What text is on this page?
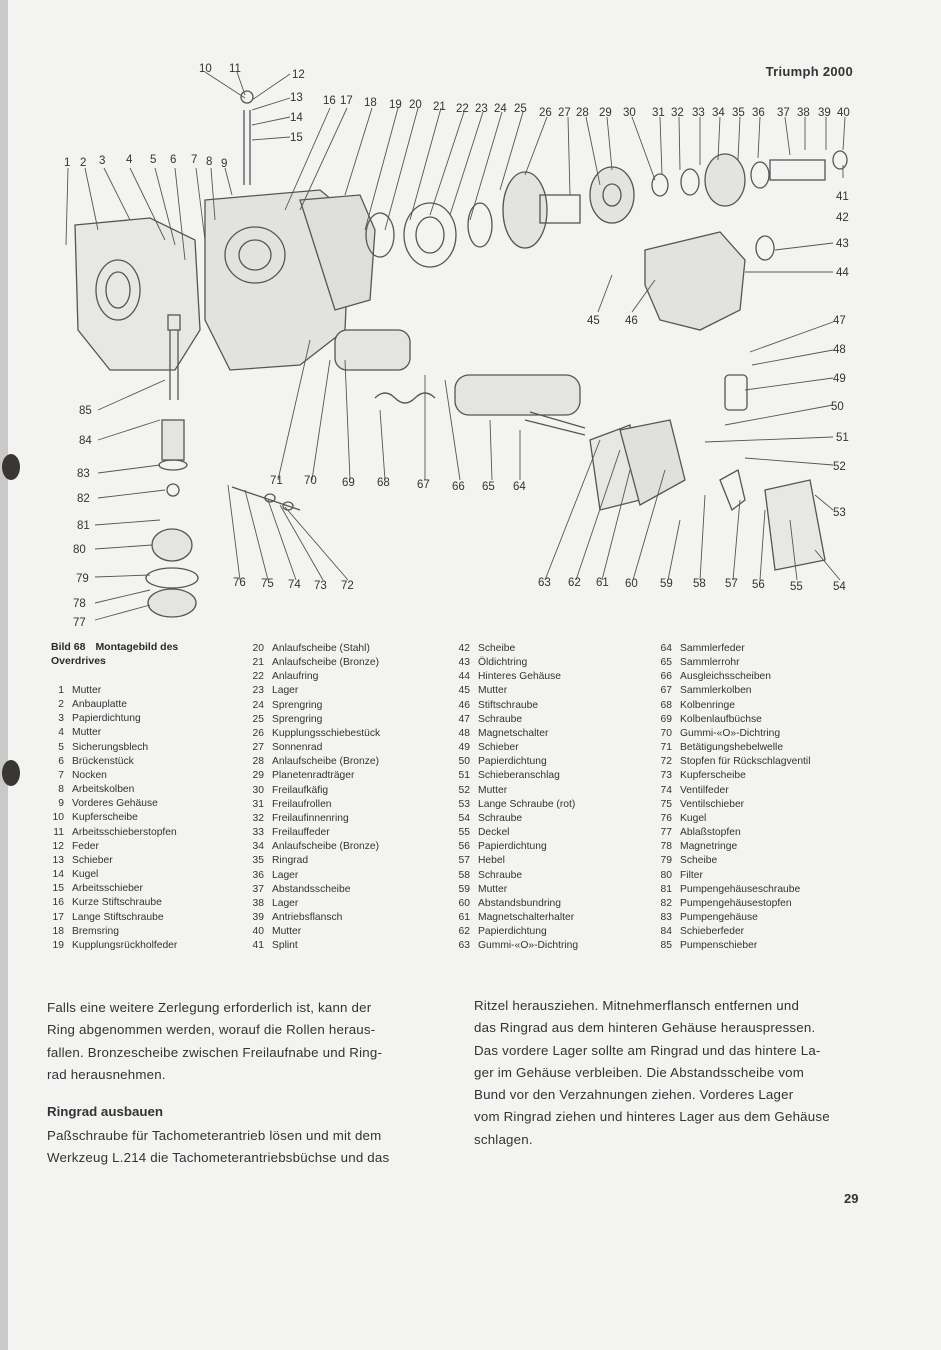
Triumph 2000
1 2 3 4 5 6 7 8 9
10 11	12
13
14
15
16 17 18 19 20 21 22 23 24 25 26 27 28 29 30 31 32 33 34 35 36 37 38 39 40
41
42
43
44
45 46	47
48
49
50
51
52
53
54
55
56
57
58
59
60
61
62
63
64
65
66
67
68
69
70
71
72
73
74
75
76
77
78
79
80
81
82
83
84
85
Bild 68 Montagebild des Overdrives
1 Mutter
2 Anbauplatte
3 Papierdichtung
4 Mutter
5 Sicherungsblech
6 Brückenstück
7 Nocken
8 Arbeitskolben
9 Vorderes Gehäuse
10 Kupferscheibe
11 Arbeitsschieberstopfen
12 Feder
13 Schieber
14 Kugel
15 Arbeitsschieber
16 Kurze Stiftschraube
17 Lange Stiftschraube
18 Bremsring
19 Kupplungsrückholfeder
20 Anlaufscheibe (Stahl)
21 Anlaufscheibe (Bronze)
22 Anlaufring
23 Lager
24 Sprengring
25 Sprengring
26 Kupplungsschiebestück
27 Sonnenrad
28 Anlaufscheibe (Bronze)
29 Planetenradträger
30 Freilaufkäfig
31 Freilaufrollen
32 Freilaufinnenring
33 Freilauffeder
34 Anlaufscheibe (Bronze)
35 Ringrad
36 Lager
37 Abstandsscheibe
38 Lager
39 Antriebsflansch
40 Mutter
41 Splint
42 Scheibe
43 Öldichtring
44 Hinteres Gehäuse
45 Mutter
46 Stiftschraube
47 Schraube
48 Magnetschalter
49 Schieber
50 Papierdichtung
51 Schieberanschlag
52 Mutter
53 Lange Schraube (rot)
54 Schraube
55 Deckel
56 Papierdichtung
57 Hebel
58 Schraube
59 Mutter
60 Abstandsbundring
61 Magnetschalterhalter
62 Papierdichtung
63 Gummi-«O»-Dichtring
64 Sammlerfeder
65 Sammlerrohr
66 Ausgleichsscheiben
67 Sammlerkolben
68 Kolbenringe
69 Kolbenlaufbüchse
70 Gummi-«O»-Dichtring
71 Betätigungshebelwelle
72 Stopfen für Rückschlagventil
73 Kupferscheibe
74 Ventilfeder
75 Ventilschieber
76 Kugel
77 Ablaßstopfen
78 Magnetringe
79 Scheibe
80 Filter
81 Pumpengehäuseschraube
82 Pumpengehäusestopfen
83 Pumpengehäuse
84 Schieberfeder
85 Pumpenschieber

Falls eine weitere Zerlegung erforderlich ist, kann der

Ring abgenommen werden, worauf die Rollen heraus-

fallen. Bronzescheibe zwischen Freilaufnabe und Ring-

rad herausnehmen.

Ringrad ausbauen

Paßschraube für Tachometerantrieb lösen und mit dem

Werkzeug L.214 die Tachometerantriebsbüchse und das

Ritzel herausziehen. Mitnehmerflansch entfernen und

das Ringrad aus dem hinteren Gehäuse herauspressen.

Das vordere Lager sollte am Ringrad und das hintere La-

ger im Gehäuse verbleiben. Die Abstandsscheibe vom

Bund vor den Verzahnungen ziehen. Vorderes Lager

vom Ringrad ziehen und hinteres Lager aus dem Gehäuse

schlagen.

29
